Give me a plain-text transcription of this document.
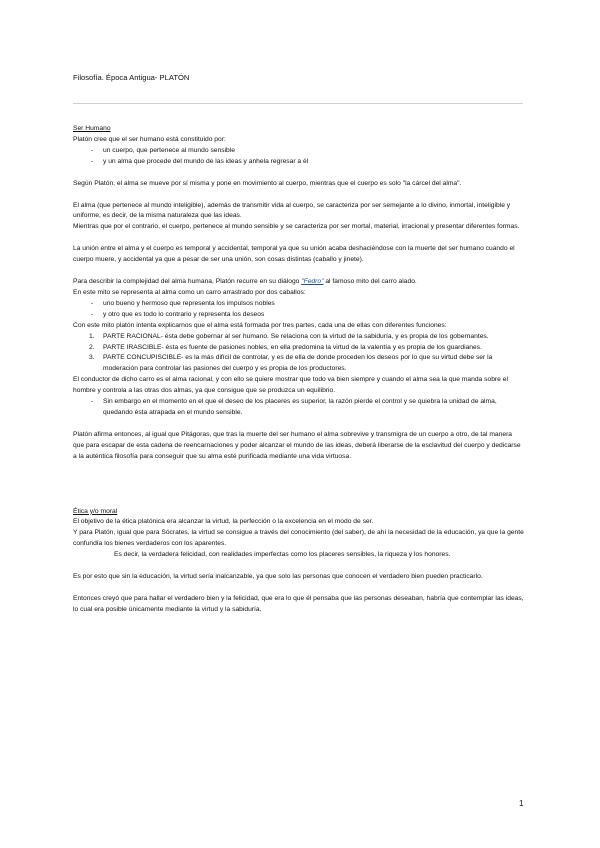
Filosofía. Época Antigua- PLATÓN

Ser Humano

Platón cree que el ser humano está constituido por:

-	un cuerpo, que pertenece al mundo sensible
-	y un alma que procede del mundo de las ideas y anhela regresar a él

Según Platón, el alma se mueve por sí misma y pone en movimiento al cuerpo, mientras que el cuerpo es solo "la cárcel del alma".

El alma (que pertenece al mundo inteligible), además de transmitir vida al cuerpo, se caracteriza por ser semejante a lo divino, inmortal, inteligible y uniforme, es decir, de la misma naturaleza que las ideas.

Mientras que por el contrario, el cuerpo, pertenece al mundo sensible y se caracteriza por ser mortal, material, irracional y presentar diferentes formas.

La unión entre el alma y el cuerpo es temporal y accidental, temporal ya que su unión acaba deshaciéndose con la muerte del ser humano cuando el cuerpo muere, y accidental ya que a pesar de ser una unión, son cosas distintas (caballo y jinete).

Para describir la complejidad del alma humana, Platón recurre en su diálogo "Fedro" al famoso mito del carro alado.

En este mito se representa al alma como un carro arrastrado por dos caballos:

-	uno bueno y hermoso que representa los impulsos nobles
-	y otro que es todo lo contrario y representa los deseos

Con este mito platón intenta explicarnos que el alma está formada por tres partes, cada una de ellas con diferentes funciones:

1.	PARTE RACIONAL- ésta debe gobernar al ser humano. Se relaciona con la virtud de la sabiduría, y es propia de los gobernantes.
2.	PARTE IRASCIBLE- ésta es fuente de pasiones nobles, en ella predomina la virtud de la valentía y es propia de los guardianes.
3.	PARTE CONCUPISCIBLE- es la más difícil de controlar, y es de ella de donde proceden los deseos por lo que su virtud debe ser la moderación para controlar las pasiones del cuerpo y es propia de los productores.

El conductor de dicho carro es el alma racional, y con ello se quiere mostrar que todo va bien siempre y cuando el alma sea la que manda sobre el hombre y controla a las otras dos almas, ya que consigue que se produzca un equilibrio.

-	Sin embargo en el momento en el que el deseo de los placeres es superior, la razón pierde el control y se quiebra la unidad de alma, quedando ésta atrapada en el mundo sensible.

Platón afirma entonces, al igual que Pitágoras, que tras la muerte del ser humano el alma sobrevive y transmigra de un cuerpo a otro, de tal manera que para escapar de esta cadena de reencarnaciones y poder alcanzar el mundo de las ideas, deberá liberarse de la esclavitud del cuerpo y dedicarse a la auténtica filosofía para conseguir que su alma esté purificada mediante una vida virtuosa.

Ética y/o moral

El objetivo de la ética platónica era alcanzar la virtud, la perfección o la excelencia en el modo de ser.

Y para Platón, igual que para Sócrates, la virtud se consigue a través del conocimiento (del saber), de ahí la necesidad de la educación, ya que la gente confundía los bienes verdaderos con los aparentes.

Es decir, la verdadera felicidad, con realidades imperfectas como los placeres sensibles, la riqueza y los honores.

Es por esto que sin la educación, la virtud sería inalcanzable, ya que solo las personas que conocen el verdadero bien pueden practicarlo.

Entonces creyó que para hallar el verdadero bien y la felicidad, que era lo que él pensaba que las personas deseaban, habría que contemplar las ideas, lo cual era posible únicamente mediante la virtud y la sabiduría.

1
